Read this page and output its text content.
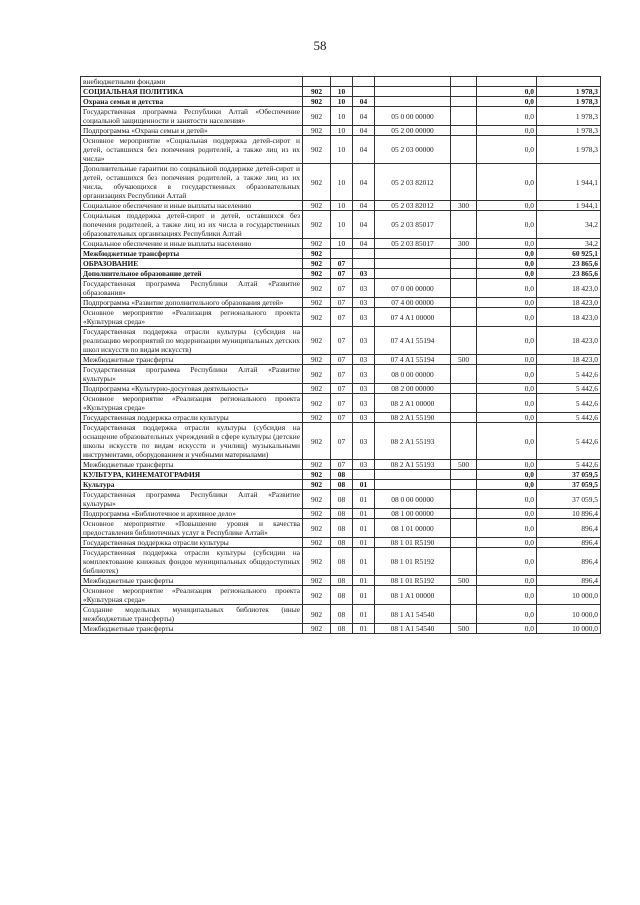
58
внебюджетными фондами							
СОЦИАЛЬНАЯ ПОЛИТИКА	902	10				0,0	1 978,3
Охрана семьи и детства	902	10	04			0,0	1 978,3
Государственная программа Республики Алтай «Обеспечение социальной защищенности и занятости населения»	902	10	04	05 0 00 00000		0,0	1 978,3
Подпрограмма «Охрана семьи и детей»	902	10	04	05 2 00 00000		0,0	1 978,3
Основное мероприятие «Социальная поддержка детей-сирот и детей, оставшихся без попечения родителей, а также лиц из их числа»	902	10	04	05 2 03 00000		0,0	1 978,3
Дополнительные гарантии по социальной поддержке детей-сирот и детей, оставшихся без попечения родителей, а также лиц из их числа, обучающихся в государственных образовательных организациях Республики Алтай	902	10	04	05 2 03 82012		0,0	1 944,1
Социальное обеспечение и иные выплаты населению	902	10	04	05 2 03 82012	300	0,0	1 944,1
Социальная поддержка детей-сирот и детей, оставшихся без попечения родителей, а также лиц из их числа в государственных образовательных организациях Республики Алтай	902	10	04	05 2 03 85017		0,0	34,2
Социальное обеспечение и иные выплаты населению	902	10	04	05 2 03 85017	300	0,0	34,2
Межбюджетные трансферты	902					0,0	60 925,1
ОБРАЗОВАНИЕ	902	07				0,0	23 865,6
Дополнительное образование детей	902	07	03			0,0	23 865,6
Государственная программа Республики Алтай «Развитие образования»	902	07	03	07 0 00 00000		0,0	18 423,0
Подпрограмма «Развитие дополнительного образования детей»	902	07	03	07 4 00 00000		0,0	18 423,0
Основное мероприятие «Реализация регионального проекта «Культурная среда»	902	07	03	07 4 A1 00000		0,0	18 423,0
Государственная поддержка отрасли культуры (субсидия на реализацию мероприятий по модернизации муниципальных детских школ искусств по видам искусств)	902	07	03	07 4 A1 55194		0,0	18 423,0
Межбюджетные трансферты	902	07	03	07 4 A1 55194	500	0,0	18 423,0
Государственная программа Республики Алтай «Развитие культуры»	902	07	03	08 0 00 00000		0,0	5 442,6
Подпрограмма «Культурно-досуговая деятельность»	902	07	03	08 2 00 00000		0,0	5 442,6
Основное мероприятие «Реализация регионального проекта «Культурная среда»	902	07	03	08 2 A1 00000		0,0	5 442,6
Государственная поддержка отрасли культуры	902	07	03	08 2 A1 55190		0,0	5 442,6
Государственная поддержка отрасли культуры (субсидия на оснащение образовательных учреждений в сфере культуры (детские школы искусств по видам искусств и училищ) музыкальными инструментами, оборудованием и учебными материалами)	902	07	03	08 2 A1 55193		0,0	5 442,6
Межбюджетные трансферты	902	07	03	08 2 A1 55193	500	0,0	5 442,6
КУЛЬТУРА, КИНЕМАТОГРАФИЯ	902	08				0,0	37 059,5
Культура	902	08	01			0,0	37 059,5
Государственная программа Республики Алтай «Развитие культуры»	902	08	01	08 0 00 00000		0,0	37 059,5
Подпрограмма «Библиотечное и архивное дело»	902	08	01	08 1 00 00000		0,0	10 896,4
Основное мероприятие «Повышение уровня и качества предоставления библиотечных услуг в Республике Алтай»	902	08	01	08 1 01 00000		0,0	896,4
Государственная поддержка отрасли культуры	902	08	01	08 1 01 R5190		0,0	896,4
Государственная поддержка отрасли культуры (субсидии на комплектование книжных фондов муниципальных общедоступных библиотек)	902	08	01	08 1 01 R5192		0,0	896,4
Межбюджетные трансферты	902	08	01	08 1 01 R5192	500	0,0	896,4
Основное мероприятие «Реализация регионального проекта «Культурная среда»	902	08	01	08 1 A1 00000		0,0	10 000,0
Создание модельных муниципальных библиотек (иные межбюджетные трансферты)	902	08	01	08 1 A1 54540		0,0	10 000,0
Межбюджетные трансферты	902	08	01	08 1 A1 54540	500	0,0	10 000,0
